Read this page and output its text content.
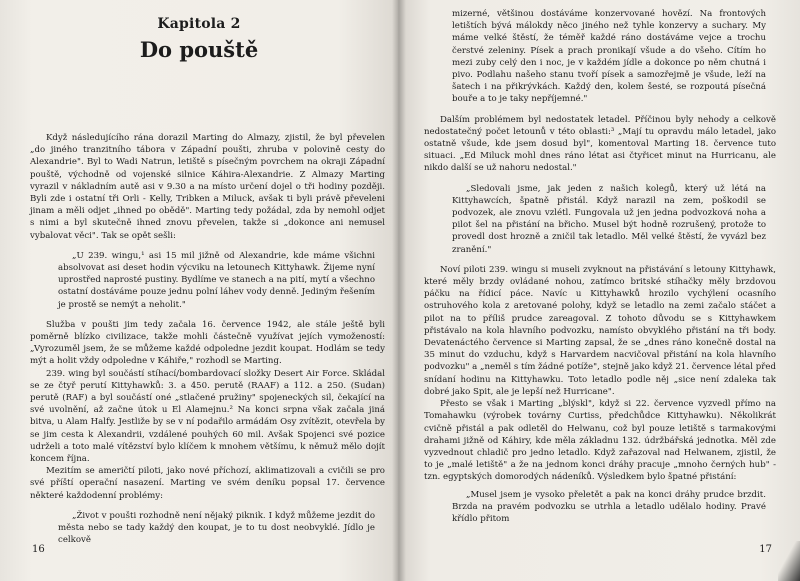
Kapitola 2
Do pouště

Když následujícího rána dorazil Marting do Almazy, zjistil, že byl převelen „do jiného tranzitního tábora v Západní poušti, zhruba v polovině cesty do Alexandrie". Byl to Wadi Natrun, letiště s písečným povrchem na okraji Západní pouště, východně od vojenské silnice Káhira-Alexandrie. Z Almazy Marting vyrazil v nákladním autě asi v 9.30 a na místo určení dojel o tři hodiny později. Byli zde i ostatní tři Orli - Kelly, Tribken a Miluck, avšak ti byli právě převeleni jinam a měli odjet „ihned po obědě". Marting tedy požádal, zda by nemohl odjet s nimi a byl skutečně ihned znovu převelen, takže si „dokonce ani nemusel vybalovat věci". Tak se opět sešli:

„U 239. wingu,¹ asi 15 mil jižně od Alexandrie, kde máme všichni absolvovat asi deset hodin výcviku na letounech Kittyhawk. Žijeme nyní uprostřed naprosté pustiny. Bydlíme ve stanech a na pití, mytí a všechno ostatní dostáváme pouze jednu polní láhev vody denně. Jediným řešením je prostě se nemýt a neholit."

Služba v poušti jim tedy začala 16. července 1942, ale stále ještě byli poměrně blízko civilizace, takže mohli částečně využívat jejích vymožeností: „Vyrozuměl jsem, že se můžeme každé odpoledne jezdit koupat. Hodlám se tedy mýt a holit vždy odpoledne v Káhiře," rozhodl se Marting.

239. wing byl součástí stíhací/bombardovací složky Desert Air Force. Skládal se ze čtyř perutí Kittyhawků: 3. a 450. perutě (RAAF) a 112. a 250. (Sudan) perutě (RAF) a byl součástí oné „stlačené pružiny" spojeneckých sil, čekající na své uvolnění, až začne útok u El Alamejnu.² Na konci srpna však začala jiná bitva, u Alam Halfy. Jestliže by se v ní podařilo armádám Osy zvítězit, otevřela by se jim cesta k Alexandrii, vzdálené pouhých 60 mil. Avšak Spojenci své pozice udrželi a toto malé vítězství bylo klíčem k mnohem většímu, k němuž mělo dojít koncem října.

Mezitím se američtí piloti, jako nové příchozí, aklimatizovali a cvičili se pro své příští operační nasazení. Marting ve svém deníku popsal 17. července některé každodenní problémy:

„Život v poušti rozhodně není nějaký piknik. I když můžeme jezdit do města nebo se tady každý den koupat, je to tu dost neobvyklé. Jídlo je celkově

16

mizerné, většinou dostáváme konzervované hovězí. Na frontových letištích bývá málokdy něco jiného než tyhle konzervy a suchary. My máme velké štěstí, že téměř každé ráno dostáváme vejce a trochu čerstvé zeleniny. Písek a prach pronikají všude a do všeho. Cítím ho mezi zuby celý den i noc, je v každém jídle a dokonce po něm chutná i pivo. Podlahu našeho stanu tvoří písek a samozřejmě je všude, leží na šatech i na přikrývkách. Každý den, kolem šesté, se rozpoutá písečná bouře a to je taky nepříjemné."

Dalším problémem byl nedostatek letadel. Příčinou byly nehody a celkově nedostatečný počet letounů v této oblasti:³ „Mají tu opravdu málo letadel, jako ostatně všude, kde jsem dosud byl", komentoval Marting 18. července tuto situaci. „Ed Miluck mohl dnes ráno létat asi čtyřicet minut na Hurricanu, ale nikdo další se už nahoru nedostal."

„Sledovali jsme, jak jeden z našich kolegů, který už létá na Kittyhawcích, špatně přistál. Když narazil na zem, poškodil se podvozek, ale znovu vzlétl. Fungovala už jen jedna podvozková noha a pilot šel na přistání na břicho. Musel být hodně rozrušený, protože to provedl dost hrozně a zničil tak letadlo. Měl velké štěstí, že vyvázl bez zranění."

Noví piloti 239. wingu si museli zvyknout na přistávání s letouny Kittyhawk, které měly brzdy ovládané nohou, zatímco britské stíhačky měly brzdovou páčku na řídicí páce. Navíc u Kittyhawků hrozilo vychýlení ocasního ostruhového kola z aretované polohy, když se letadlo na zemi začalo stáčet a pilot na to příliš prudce zareagoval. Z tohoto důvodu se s Kittyhawkem přistávalo na kola hlavního podvozku, namísto obvyklého přistání na tři body. Devatenáctého července si Marting zapsal, že se „dnes ráno konečně dostal na 35 minut do vzduchu, když s Harvardem nacvičoval přistání na kola hlavního podvozku" a „neměl s tím žádné potíže", stejně jako když 21. července létal před snídaní hodinu na Kittyhawku. Toto letadlo podle něj „sice není zdaleka tak dobré jako Spit, ale je lepší než Hurricane".

Přesto se však i Marting „blýskl", když si 22. července vyzvedl přímo na Tomahawku (výrobek továrny Curtiss, předchůdce Kittyhawku). Několikrát cvičně přistál a pak odletěl do Helwanu, což byl pouze letiště s tarmakovými drahami jižně od Káhiry, kde měla základnu 132. údržbářská jednotka. Měl zde vyzvednout chladič pro jedno letadlo. Když zařazoval nad Helwanem, zjistil, že to je „malé letiště" a že na jednom konci dráhy pracuje „mnoho černých hub" - tzn. egyptských domorodých nádeníků. Výsledkem bylo špatné přistání:

„Musel jsem je vysoko přeletět a pak na konci dráhy prudce brzdit. Brzda na pravém podvozku se utrhla a letadlo udělalo hodiny. Pravé křídlo přitom

17
